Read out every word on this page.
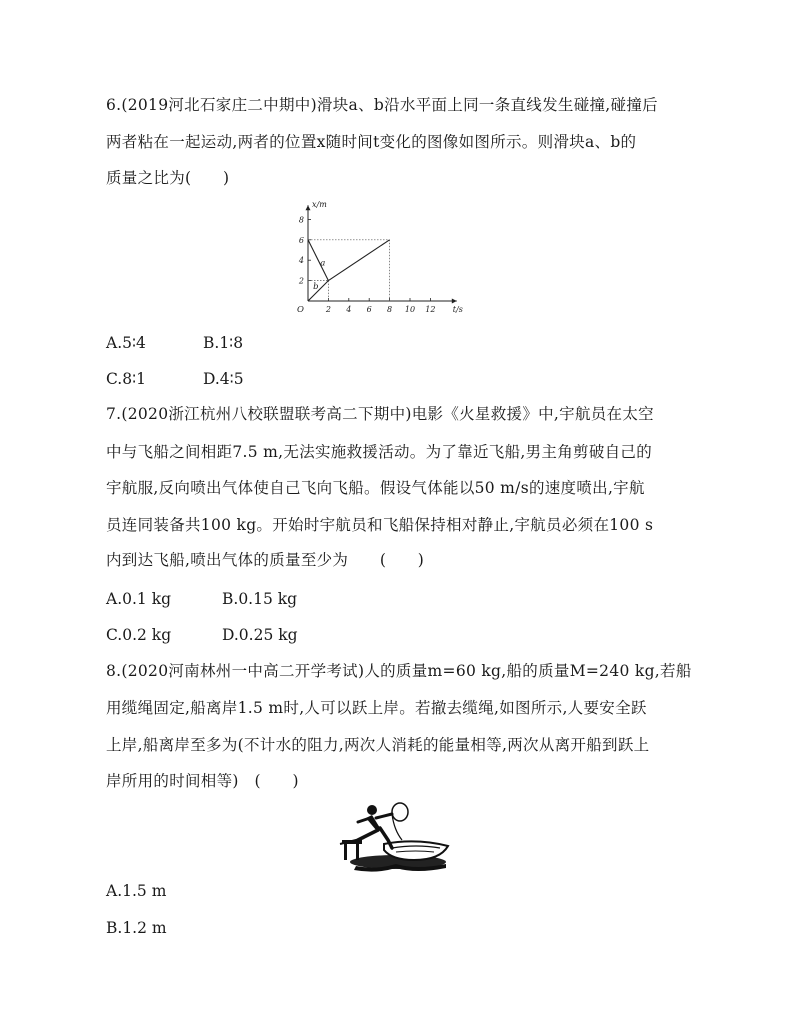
6.(2019河北石家庄二中期中)滑块a、b沿水平面上同一条直线发生碰撞,碰撞后
两者粘在一起运动,两者的位置x随时间t变化的图像如图所示。则滑块a、b的
质量之比为(　　)
2 4 6 8 10 12
2
4
6
8
O	t/s
x/m
a
b
A.5∶4	B.1∶8
C.8∶1	D.4∶5
7.(2020浙江杭州八校联盟联考高二下期中)电影《火星救援》中,宇航员在太空
中与飞船之间相距7.5 m,无法实施救援活动。为了靠近飞船,男主角剪破自己的
宇航服,反向喷出气体使自己飞向飞船。假设气体能以50 m/s的速度喷出,宇航
员连同装备共100 kg。开始时宇航员和飞船保持相对静止,宇航员必须在100 s
内到达飞船,喷出气体的质量至少为　　(　　)
A.0.1 kg	B.0.15 kg
C.0.2 kg	D.0.25 kg
8.(2020河南林州一中高二开学考试)人的质量m=60 kg,船的质量M=240 kg,若船
用缆绳固定,船离岸1.5 m时,人可以跃上岸。若撤去缆绳,如图所示,人要安全跃
上岸,船离岸至多为(不计水的阻力,两次人消耗的能量相等,两次从离开船到跃上
岸所用的时间相等)　(　　)
A.1.5 m
B.1.2 m
